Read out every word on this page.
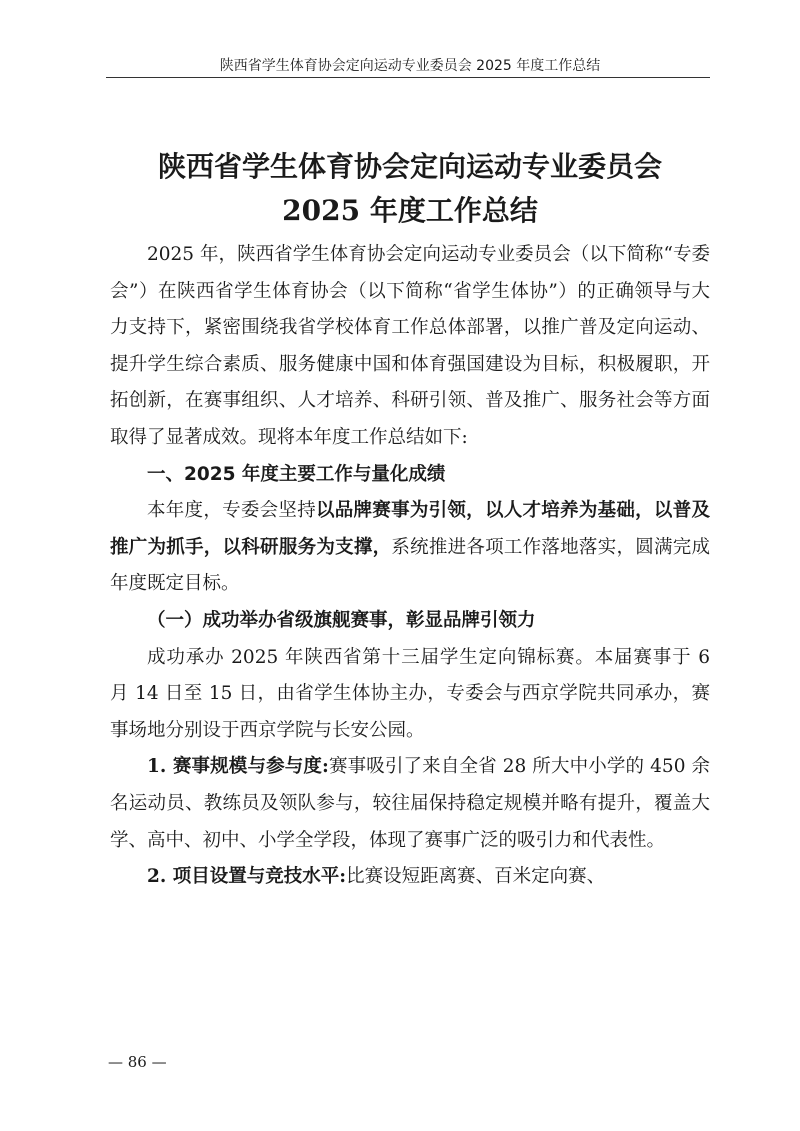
陕西省学生体育协会定向运动专业委员会 2025 年度工作总结
陕西省学生体育协会定向运动专业委员会
2025 年度工作总结

2025 年，陕西省学生体育协会定向运动专业委员会（以下简称“专委会”）在陕西省学生体育协会（以下简称“省学生体协”）的正确领导与大力支持下，紧密围绕我省学校体育工作总体部署，以推广普及定向运动、提升学生综合素质、服务健康中国和体育强国建设为目标，积极履职，开拓创新，在赛事组织、人才培养、科研引领、普及推广、服务社会等方面取得了显著成效。现将本年度工作总结如下:

一、2025 年度主要工作与量化成绩

本年度，专委会坚持以品牌赛事为引领，以人才培养为基础，以普及推广为抓手，以科研服务为支撑，系统推进各项工作落地落实，圆满完成年度既定目标。

（一）成功举办省级旗舰赛事，彰显品牌引领力

成功承办 2025 年陕西省第十三届学生定向锦标赛。本届赛事于 6 月 14 日至 15 日，由省学生体协主办，专委会与西京学院共同承办，赛事场地分别设于西京学院与长安公园。

1. 赛事规模与参与度:赛事吸引了来自全省 28 所大中小学的 450 余名运动员、教练员及领队参与，较往届保持稳定规模并略有提升，覆盖大学、高中、初中、小学全学段，体现了赛事广泛的吸引力和代表性。

2. 项目设置与竞技水平:比赛设短距离赛、百米定向赛、

— 86 —
